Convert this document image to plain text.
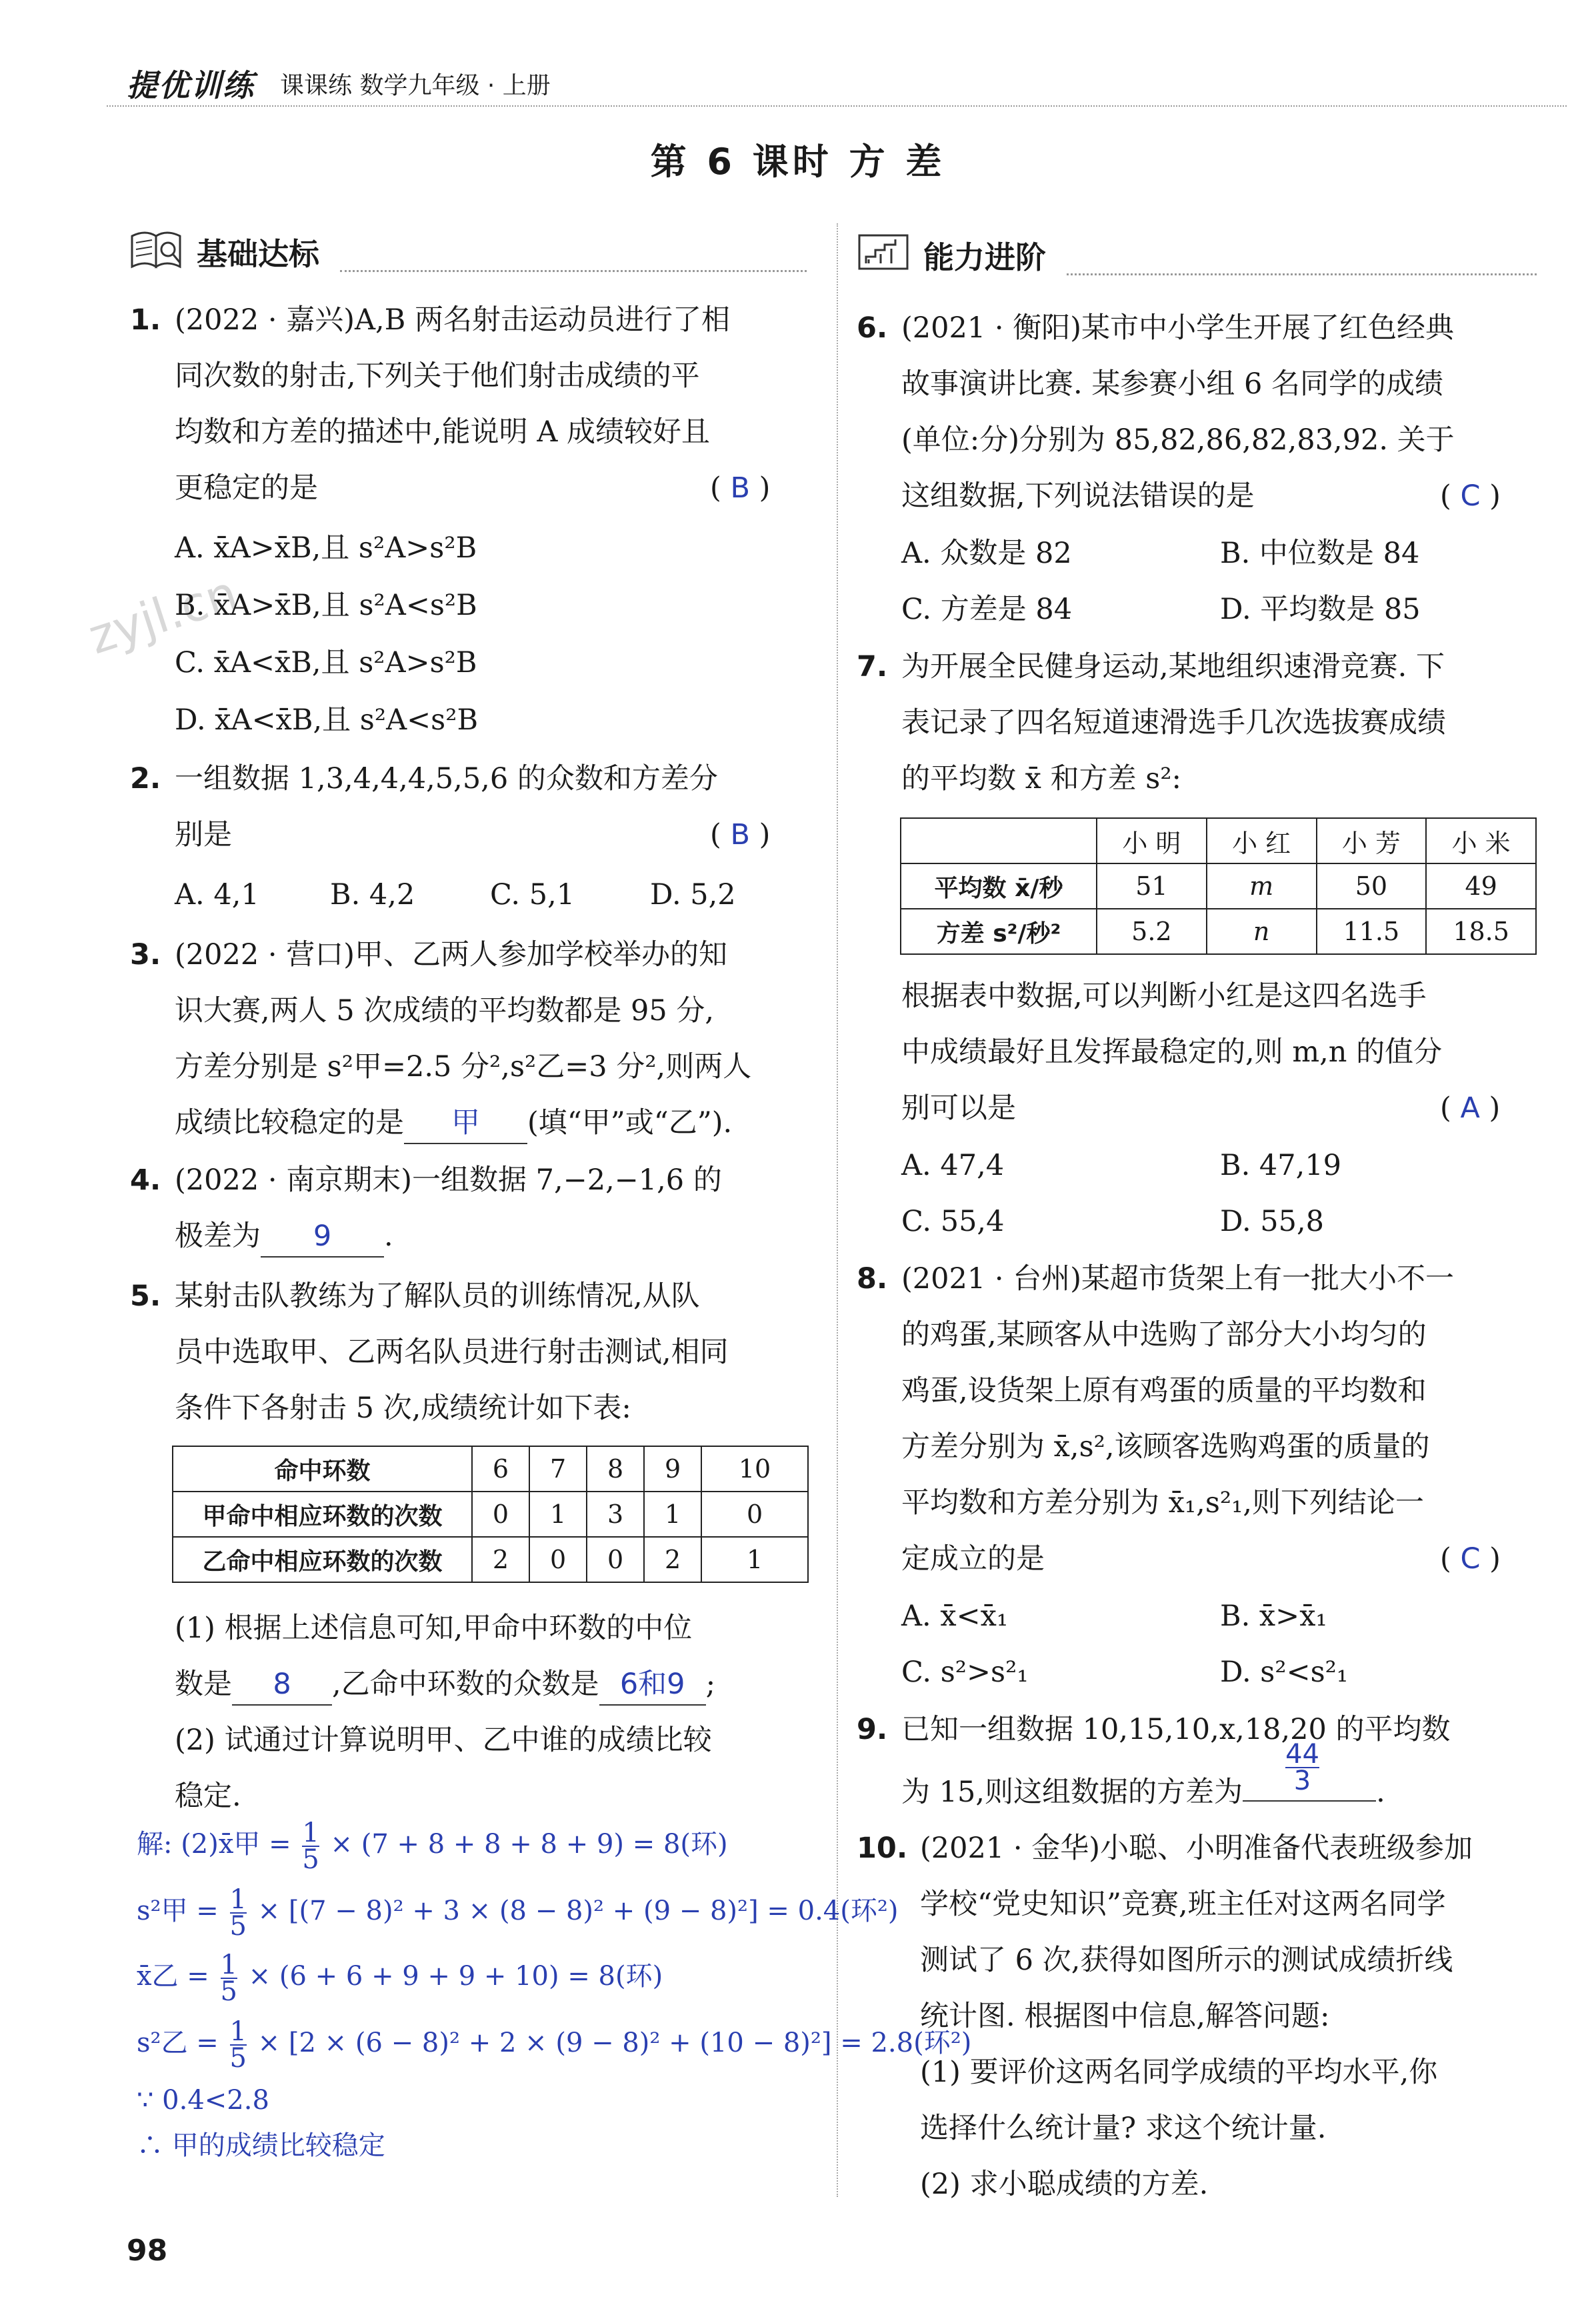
提优训练 课课练 数学九年级 · 上册
第 6 课时 方 差
zyjl.cn
基础达标	能力进阶
1. (2022 · 嘉兴)A,B 两名射击运动员进行了相
同次数的射击,下列关于他们射击成绩的平
均数和方差的描述中,能说明 A 成绩较好且
更稳定的是	( B )
A. x̄A>x̄B,且 s²A>s²B
B. x̄A>x̄B,且 s²A<s²B
C. x̄A<x̄B,且 s²A>s²B
D. x̄A<x̄B,且 s²A<s²B
2. 一组数据 1,3,4,4,4,5,5,6 的众数和方差分
别是	( B )
A. 4,1 B. 4,2	C. 5,1	D. 5,2
3. (2022 · 营口)甲、乙两人参加学校举办的知
识大赛,两人 5 次成绩的平均数都是 95 分,
方差分别是 s²甲=2.5 分²,s²乙=3 分²,则两人
成绩比较稳定的是 甲 (填“甲”或“乙”).
4. (2022 · 南京期末)一组数据 7,−2,−1,6 的
极差为 9 .
5. 某射击队教练为了解队员的训练情况,从队
员中选取甲、乙两名队员进行射击测试,相同
条件下各射击 5 次,成绩统计如下表:
命中环数	6	7	8	9	10
甲命中相应环数的次数	0	1	3	1	0
乙命中相应环数的次数	2	0	0	2	1
(1) 根据上述信息可知,甲命中环数的中位
数是 8 ,乙命中环数的众数是 6和9 ;
(2) 试通过计算说明甲、乙中谁的成绩比较
稳定.
解: (2)x̄甲 = $\frac{1}{5} \times (7 + 8 + 8 + 8 + 9) = 8$(环)
s²甲 = $\frac{1}{5} \times [(7 - 8)^2 + 3 \times (8 - 8)^2 + (9 - 8)^2] = 0.4$(环²)
x̄乙 = $\frac{1}{5} \times (6 + 6 + 9 + 9 + 10) = 8$(环)
s²乙 = $\frac{1}{5} \times [2 \times (6 - 8)^2 + 2 \times (9 - 8)^2 + (10 - 8)^2] = 2.8$(环²)
∵ 0.4<2.8
∴ 甲的成绩比较稳定
6. (2021 · 衡阳)某市中小学生开展了红色经典
故事演讲比赛. 某参赛小组 6 名同学的成绩
(单位:分)分别为 85,82,86,82,83,92. 关于
这组数据,下列说法错误的是	( C )
A. 众数是 82	B. 中位数是 84
C. 方差是 84	D. 平均数是 85
7. 为开展全民健身运动,某地组织速滑竞赛. 下
表记录了四名短道速滑选手几次选拔赛成绩
的平均数 x̄ 和方差 s²:
	小 明	小 红	小 芳	小 米
平均数 x̄/秒	51	m	50	49
方差 s²/秒²	5.2	n	11.5	18.5
根据表中数据,可以判断小红是这四名选手
中成绩最好且发挥最稳定的,则 m,n 的值分
别可以是	( A )
A. 47,4	B. 47,19
C. 55,4	D. 55,8
8. (2021 · 台州)某超市货架上有一批大小不一
的鸡蛋,某顾客从中选购了部分大小均匀的
鸡蛋,设货架上原有鸡蛋的质量的平均数和
方差分别为 x̄,s²,该顾客选购鸡蛋的质量的
平均数和方差分别为 x̄₁,s²₁,则下列结论一
定成立的是	( C )
A. x̄<x̄₁	B. x̄>x̄₁
C. s²>s²₁	D. s²<s²₁
9. 已知一组数据 10,15,10,x,18,20 的平均数
为 15,则这组数据的方差为 $\frac{44}{3}$ .
10. (2021 · 金华)小聪、小明准备代表班级参加
学校“党史知识”竞赛,班主任对这两名同学
测试了 6 次,获得如图所示的测试成绩折线
统计图. 根据图中信息,解答问题:
(1) 要评价这两名同学成绩的平均水平,你
选择什么统计量? 求这个统计量.
(2) 求小聪成绩的方差.
98
